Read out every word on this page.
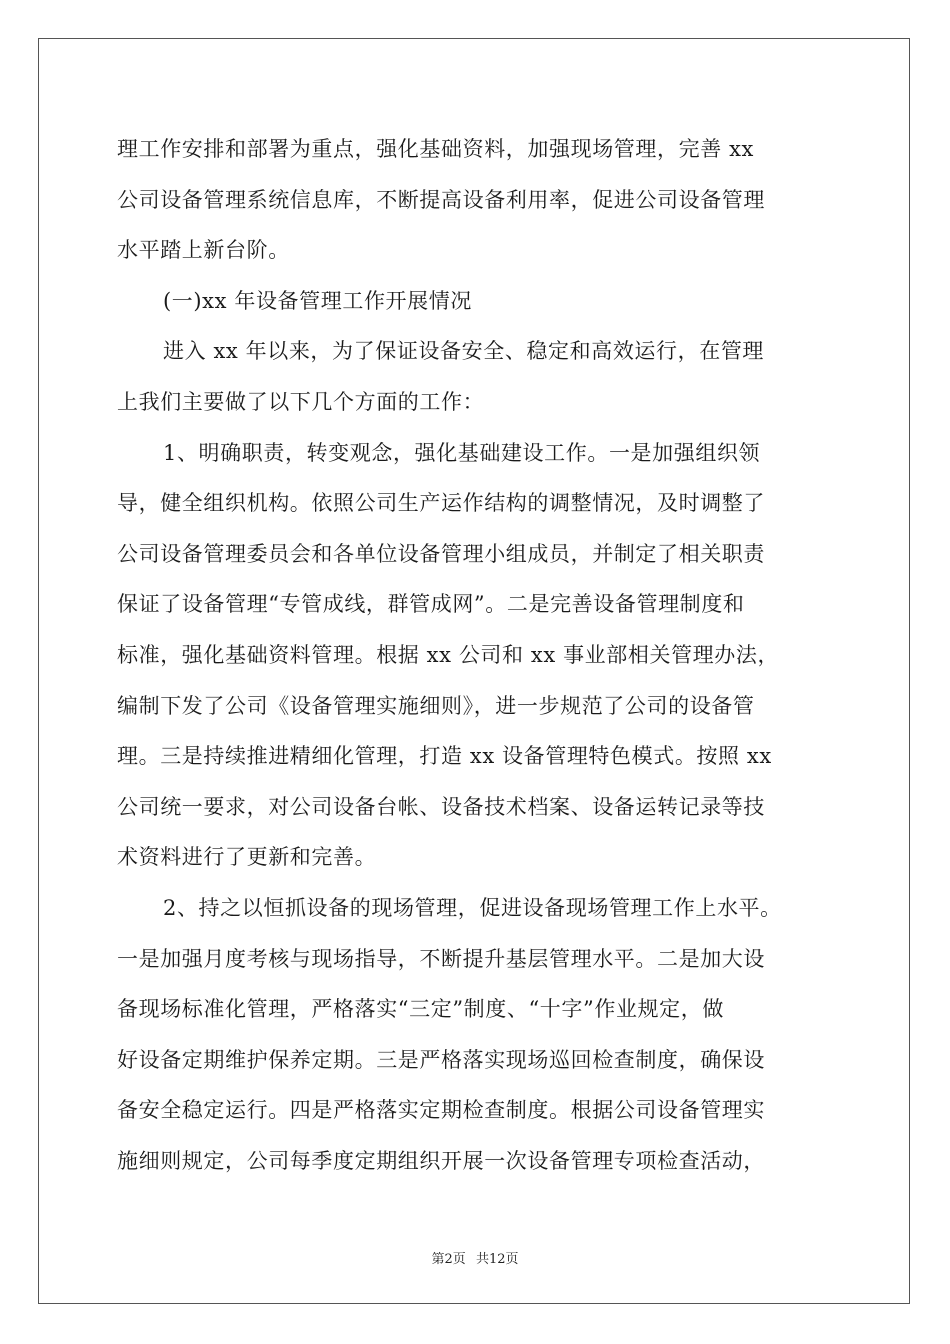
理工作安排和部署为重点，强化基础资料，加强现场管理，完善 xx
公司设备管理系统信息库，不断提高设备利用率，促进公司设备管理
水平踏上新台阶。
(一)xx 年设备管理工作开展情况
进入 xx 年以来，为了保证设备安全、稳定和高效运行，在管理
上我们主要做了以下几个方面的工作：
1、明确职责，转变观念，强化基础建设工作。一是加强组织领
导，健全组织机构。依照公司生产运作结构的调整情况，及时调整了
公司设备管理委员会和各单位设备管理小组成员，并制定了相关职责
保证了设备管理“专管成线，群管成网”。二是完善设备管理制度和
标准，强化基础资料管理。根据 xx 公司和 xx 事业部相关管理办法，
编制下发了公司《设备管理实施细则》，进一步规范了公司的设备管
理。三是持续推进精细化管理，打造 xx 设备管理特色模式。按照 xx
公司统一要求，对公司设备台帐、设备技术档案、设备运转记录等技
术资料进行了更新和完善。
2、持之以恒抓设备的现场管理，促进设备现场管理工作上水平。
一是加强月度考核与现场指导，不断提升基层管理水平。二是加大设
备现场标准化管理，严格落实“三定”制度、“十字”作业规定，做
好设备定期维护保养定期。三是严格落实现场巡回检查制度，确保设
备安全稳定运行。四是严格落实定期检查制度。根据公司设备管理实
施细则规定，公司每季度定期组织开展一次设备管理专项检查活动，
第2页 共12页
